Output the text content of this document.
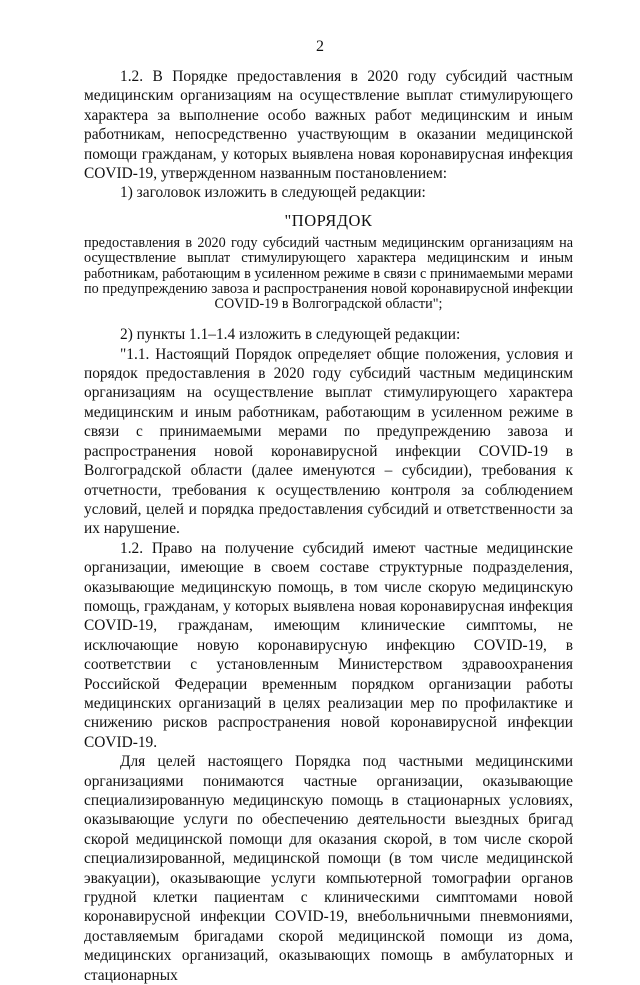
2

1.2. В Порядке предоставления в 2020 году субсидий частным медицинским организациям на осуществление выплат стимулирующего характера за выполнение особо важных работ медицинским и иным работникам, непосредственно участвующим в оказании медицинской помощи гражданам, у которых выявлена новая коронавирусная инфекция COVID-19, утвержденном названным постановлением:

1) заголовок изложить в следующей редакции:

"ПОРЯДОК
предоставления в 2020 году субсидий частным медицинским организациям на осуществление выплат стимулирующего характера медицинским и иным работникам, работающим в усиленном режиме в связи с принимаемыми мерами по предупреждению завоза и распространения новой коронавирусной инфекции COVID-19 в Волгоградской области";

2) пункты 1.1–1.4 изложить в следующей редакции:

"1.1. Настоящий Порядок определяет общие положения, условия и порядок предоставления в 2020 году субсидий частным медицинским организациям на осуществление выплат стимулирующего характера медицинским и иным работникам, работающим в усиленном режиме в связи с принимаемыми мерами по предупреждению завоза и распространения новой коронавирусной инфекции COVID-19 в Волгоградской области (далее именуются – субсидии), требования к отчетности, требования к осуществлению контроля за соблюдением условий, целей и порядка предоставления субсидий и ответственности за их нарушение.

1.2. Право на получение субсидий имеют частные медицинские организации, имеющие в своем составе структурные подразделения, оказывающие медицинскую помощь, в том числе скорую медицинскую помощь, гражданам, у которых выявлена новая коронавирусная инфекция COVID-19, гражданам, имеющим клинические симптомы, не исключающие новую коронавирусную инфекцию COVID-19, в соответствии с установленным Министерством здравоохранения Российской Федерации временным порядком организации работы медицинских организаций в целях реализации мер по профилактике и снижению рисков распространения новой коронавирусной инфекции COVID-19.

Для целей настоящего Порядка под частными медицинскими организациями понимаются частные организации, оказывающие специализированную медицинскую помощь в стационарных условиях, оказывающие услуги по обеспечению деятельности выездных бригад скорой медицинской помощи для оказания скорой, в том числе скорой специализированной, медицинской помощи (в том числе медицинской эвакуации), оказывающие услуги компьютерной томографии органов грудной клетки пациентам с клиническими симптомами новой коронавирусной инфекции COVID-19, внебольничными пневмониями, доставляемым бригадами скорой медицинской помощи из дома, медицинских организаций, оказывающих помощь в амбулаторных и стационарных
